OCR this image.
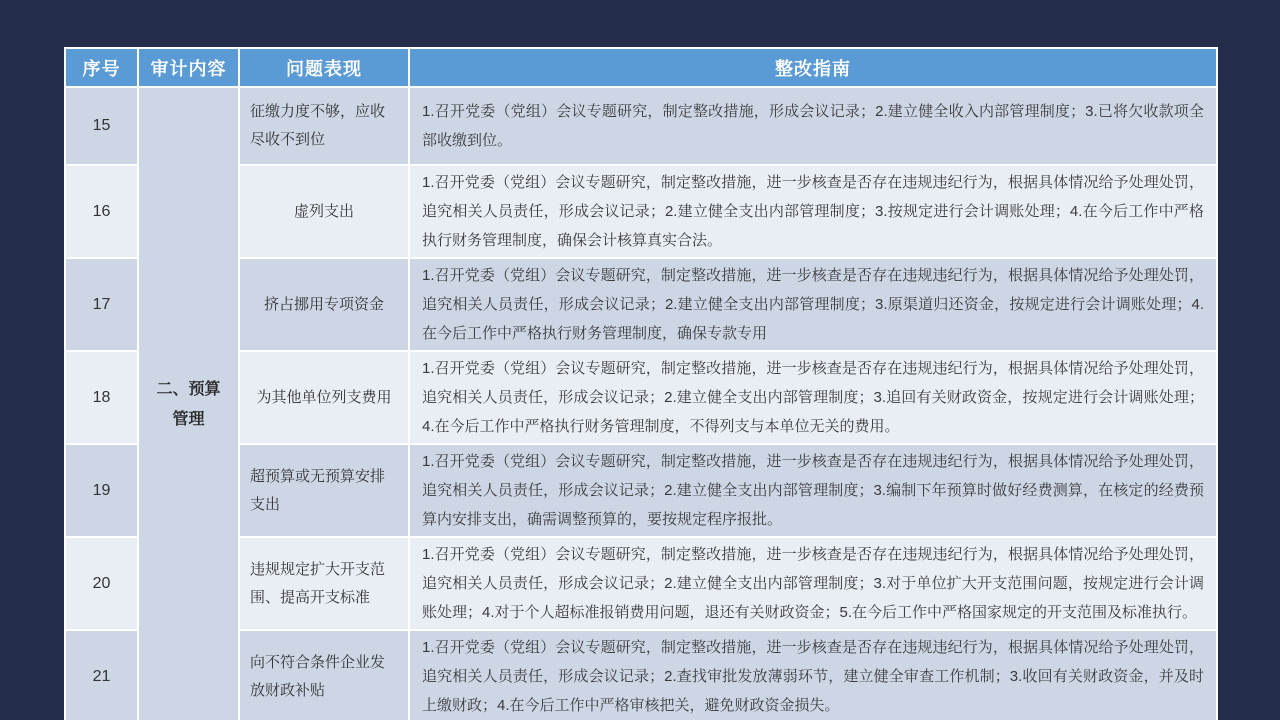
序号	审计内容	问题表现	整改指南
15	二、预算管理	征缴力度不够，应收尽收不到位	1.召开党委（党组）会议专题研究，制定整改措施，形成会议记录；2.建立健全收入内部管理制度；3.已将欠收款项全部收缴到位。
16		虚列支出	1.召开党委（党组）会议专题研究，制定整改措施，进一步核查是否存在违规违纪行为，根据具体情况给予处理处罚，追究相关人员责任，形成会议记录；2.建立健全支出内部管理制度；3.按规定进行会计调账处理；4.在今后工作中严格执行财务管理制度，确保会计核算真实合法。
17		挤占挪用专项资金	1.召开党委（党组）会议专题研究，制定整改措施，进一步核查是否存在违规违纪行为，根据具体情况给予处理处罚，追究相关人员责任，形成会议记录；2.建立健全支出内部管理制度；3.原渠道归还资金，按规定进行会计调账处理；4.在今后工作中严格执行财务管理制度，确保专款专用
18		为其他单位列支费用	1.召开党委（党组）会议专题研究，制定整改措施，进一步核查是否存在违规违纪行为，根据具体情况给予处理处罚，追究相关人员责任，形成会议记录；2.建立健全支出内部管理制度；3.追回有关财政资金，按规定进行会计调账处理；4.在今后工作中严格执行财务管理制度，不得列支与本单位无关的费用。
19		超预算或无预算安排支出	1.召开党委（党组）会议专题研究，制定整改措施，进一步核查是否存在违规违纪行为，根据具体情况给予处理处罚，追究相关人员责任，形成会议记录；2.建立健全支出内部管理制度；3.编制下年预算时做好经费测算，在核定的经费预算内安排支出，确需调整预算的，要按规定程序报批。
20		违规规定扩大开支范围、提高开支标准	1.召开党委（党组）会议专题研究，制定整改措施，进一步核查是否存在违规违纪行为，根据具体情况给予处理处罚，追究相关人员责任，形成会议记录；2.建立健全支出内部管理制度；3.对于单位扩大开支范围问题，按规定进行会计调账处理；4.对于个人超标准报销费用问题，退还有关财政资金；5.在今后工作中严格国家规定的开支范围及标准执行。
21		向不符合条件企业发放财政补贴	1.召开党委（党组）会议专题研究，制定整改措施，进一步核查是否存在违规违纪行为，根据具体情况给予处理处罚，追究相关人员责任，形成会议记录；2.查找审批发放薄弱环节，建立健全审查工作机制；3.收回有关财政资金，并及时上缴财政；4.在今后工作中严格审核把关，避免财政资金损失。
